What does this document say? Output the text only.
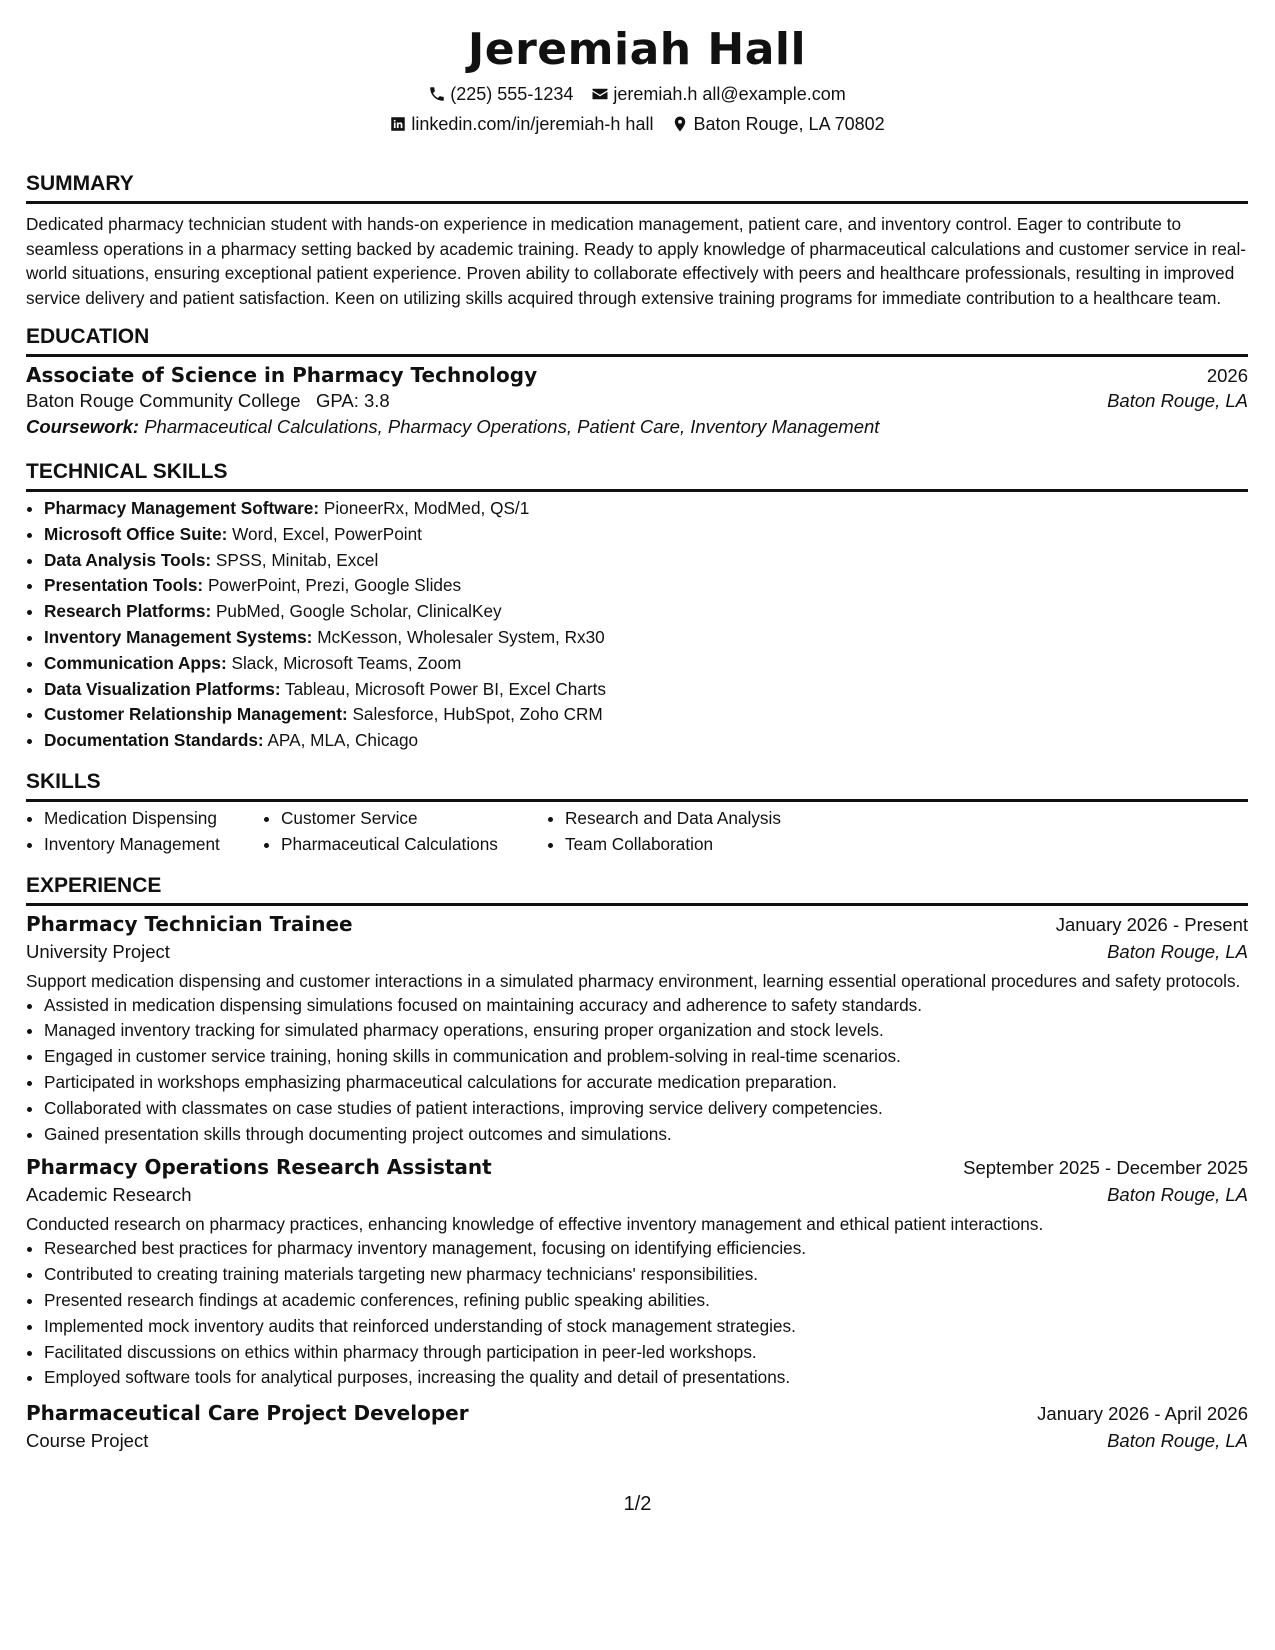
Jeremiah Hall
(225) 555-1234 jeremiah.h all@example.com
linkedin.com/in/jeremiah-h hall Baton Rouge, LA 70802
SUMMARY
Dedicated pharmacy technician student with hands-on experience in medication management, patient care, and inventory control. Eager to contribute to seamless operations in a pharmacy setting backed by academic training. Ready to apply knowledge of pharmaceutical calculations and customer service in real-world situations, ensuring exceptional patient experience. Proven ability to collaborate effectively with peers and healthcare professionals, resulting in improved service delivery and patient satisfaction. Keen on utilizing skills acquired through extensive training programs for immediate contribution to a healthcare team.
EDUCATION
Associate of Science in Pharmacy Technology	2026
Baton Rouge Community College GPA: 3.8	Baton Rouge, LA
Coursework: Pharmaceutical Calculations, Pharmacy Operations, Patient Care, Inventory Management
TECHNICAL SKILLS
• Pharmacy Management Software: PioneerRx, ModMed, QS/1
• Microsoft Office Suite: Word, Excel, PowerPoint
• Data Analysis Tools: SPSS, Minitab, Excel
• Presentation Tools: PowerPoint, Prezi, Google Slides
• Research Platforms: PubMed, Google Scholar, ClinicalKey
• Inventory Management Systems: McKesson, Wholesaler System, Rx30
• Communication Apps: Slack, Microsoft Teams, Zoom
• Data Visualization Platforms: Tableau, Microsoft Power BI, Excel Charts
• Customer Relationship Management: Salesforce, HubSpot, Zoho CRM
• Documentation Standards: APA, MLA, Chicago
SKILLS
• Medication Dispensing
• Inventory Management
• Customer Service
• Pharmaceutical Calculations
• Research and Data Analysis
• Team Collaboration
EXPERIENCE
Pharmacy Technician Trainee	January 2026 - Present
University Project	Baton Rouge, LA
Support medication dispensing and customer interactions in a simulated pharmacy environment, learning essential operational procedures and safety protocols.
• Assisted in medication dispensing simulations focused on maintaining accuracy and adherence to safety standards.
• Managed inventory tracking for simulated pharmacy operations, ensuring proper organization and stock levels.
• Engaged in customer service training, honing skills in communication and problem-solving in real-time scenarios.
• Participated in workshops emphasizing pharmaceutical calculations for accurate medication preparation.
• Collaborated with classmates on case studies of patient interactions, improving service delivery competencies.
• Gained presentation skills through documenting project outcomes and simulations.
Pharmacy Operations Research Assistant	September 2025 - December 2025
Academic Research	Baton Rouge, LA
Conducted research on pharmacy practices, enhancing knowledge of effective inventory management and ethical patient interactions.
• Researched best practices for pharmacy inventory management, focusing on identifying efficiencies.
• Contributed to creating training materials targeting new pharmacy technicians' responsibilities.
• Presented research findings at academic conferences, refining public speaking abilities.
• Implemented mock inventory audits that reinforced understanding of stock management strategies.
• Facilitated discussions on ethics within pharmacy through participation in peer-led workshops.
• Employed software tools for analytical purposes, increasing the quality and detail of presentations.
Pharmaceutical Care Project Developer	January 2026 - April 2026
Course Project	Baton Rouge, LA
1/2
